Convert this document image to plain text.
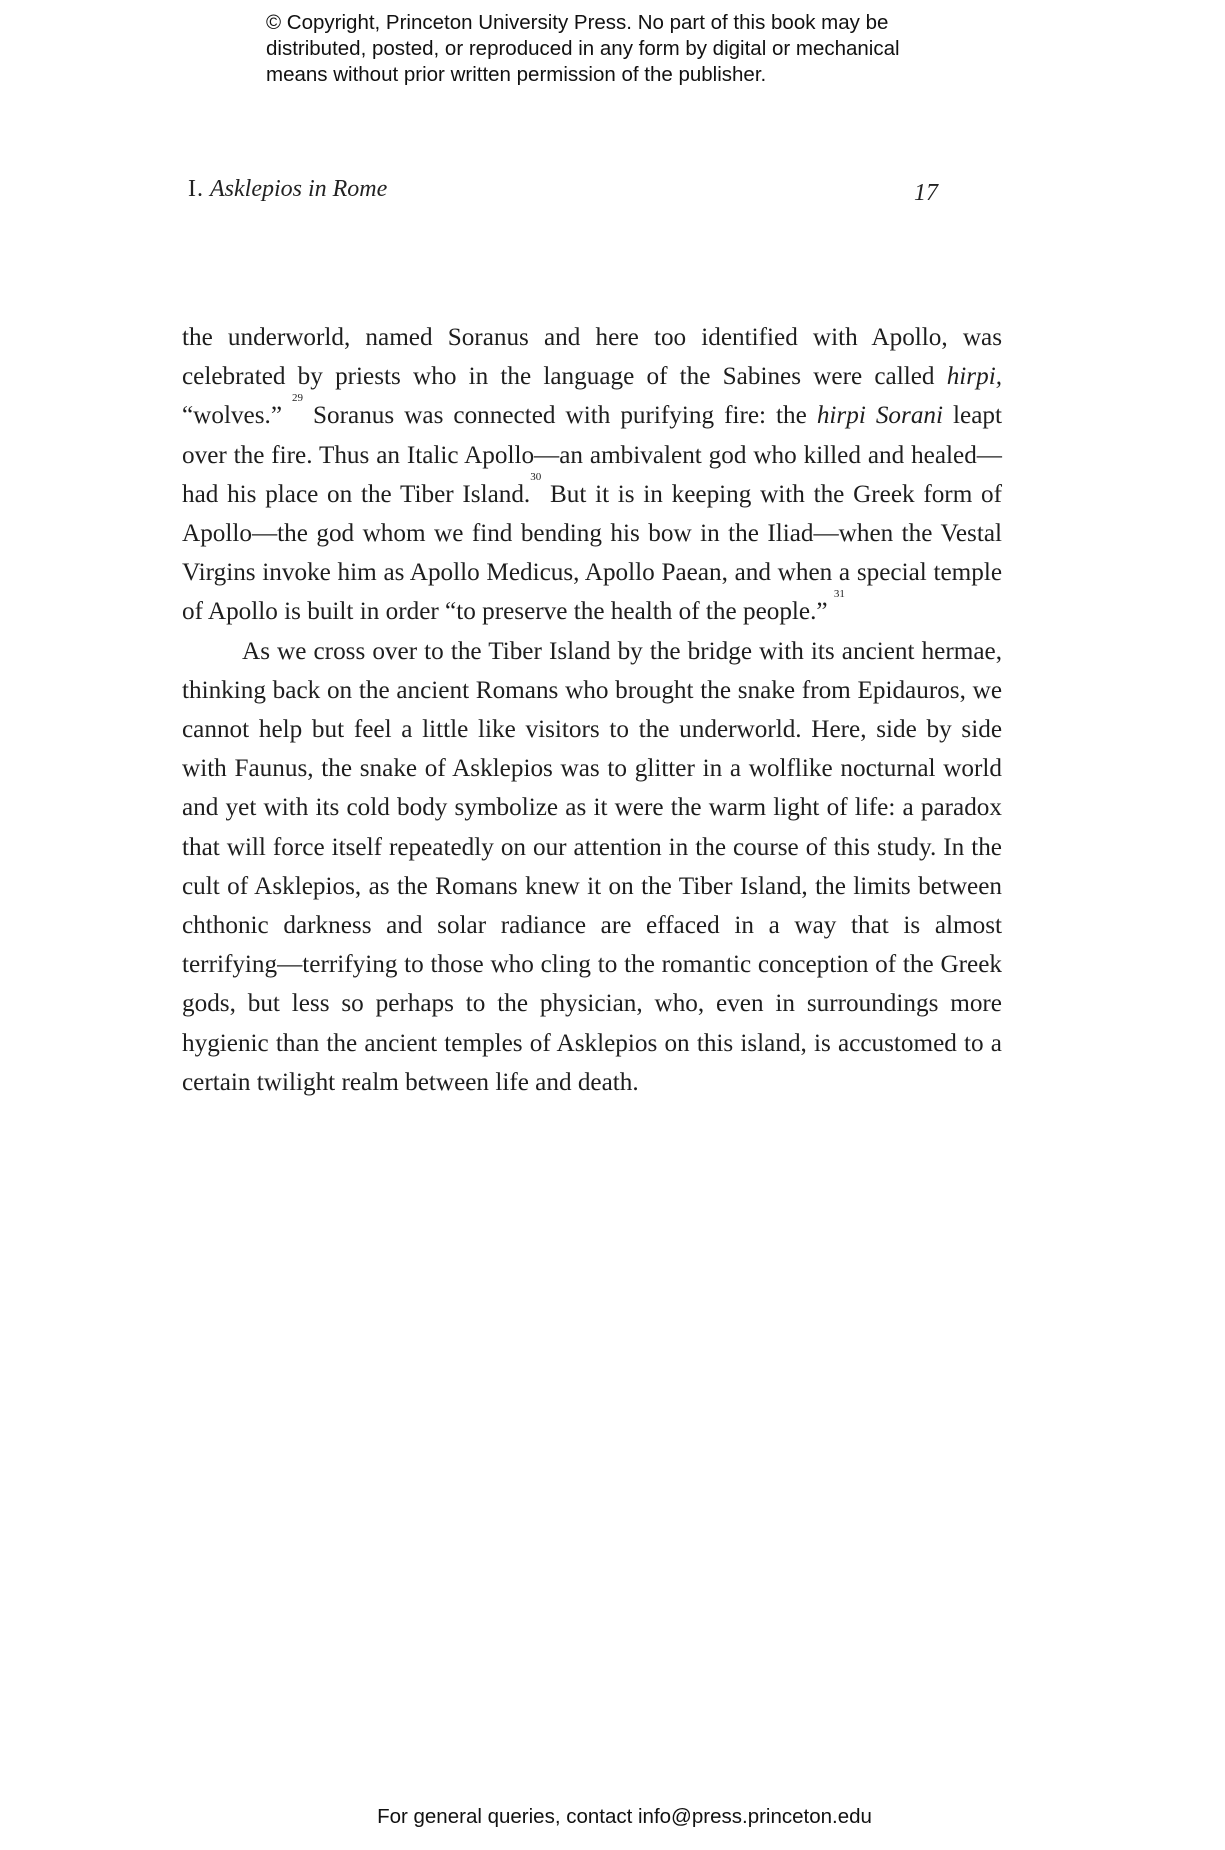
© Copyright, Princeton University Press. No part of this book may be
distributed, posted, or reproduced in any form by digital or mechanical
means without prior written permission of the publisher.
I. Asklepios in Rome	17

the underworld, named Soranus and here too identified with Apollo, was celebrated by priests who in the language of the Sabines were called hirpi, “wolves.” $^{29}$ Soranus was connected with purifying fire: the hirpi Sorani leapt over the fire. Thus an Italic Apollo—an ambivalent god who killed and healed—had his place on the Tiber Island.$^{30}$ But it is in keeping with the Greek form of Apollo—the god whom we find bending his bow in the Iliad—when the Vestal Virgins invoke him as Apollo Medicus, Apollo Paean, and when a special temple of Apollo is built in order “to preserve the health of the people.” $^{31}$

As we cross over to the Tiber Island by the bridge with its ancient hermae, thinking back on the ancient Romans who brought the snake from Epidauros, we cannot help but feel a little like visitors to the underworld. Here, side by side with Faunus, the snake of Asklepios was to glitter in a wolflike nocturnal world and yet with its cold body symbolize as it were the warm light of life: a paradox that will force itself repeatedly on our attention in the course of this study. In the cult of Asklepios, as the Romans knew it on the Tiber Island, the limits between chthonic darkness and solar radiance are effaced in a way that is almost terrifying—terrifying to those who cling to the romantic conception of the Greek gods, but less so perhaps to the physician, who, even in surroundings more hygienic than the ancient temples of Asklepios on this island, is accustomed to a certain twilight realm between life and death.

For general queries, contact info@press.princeton.edu
